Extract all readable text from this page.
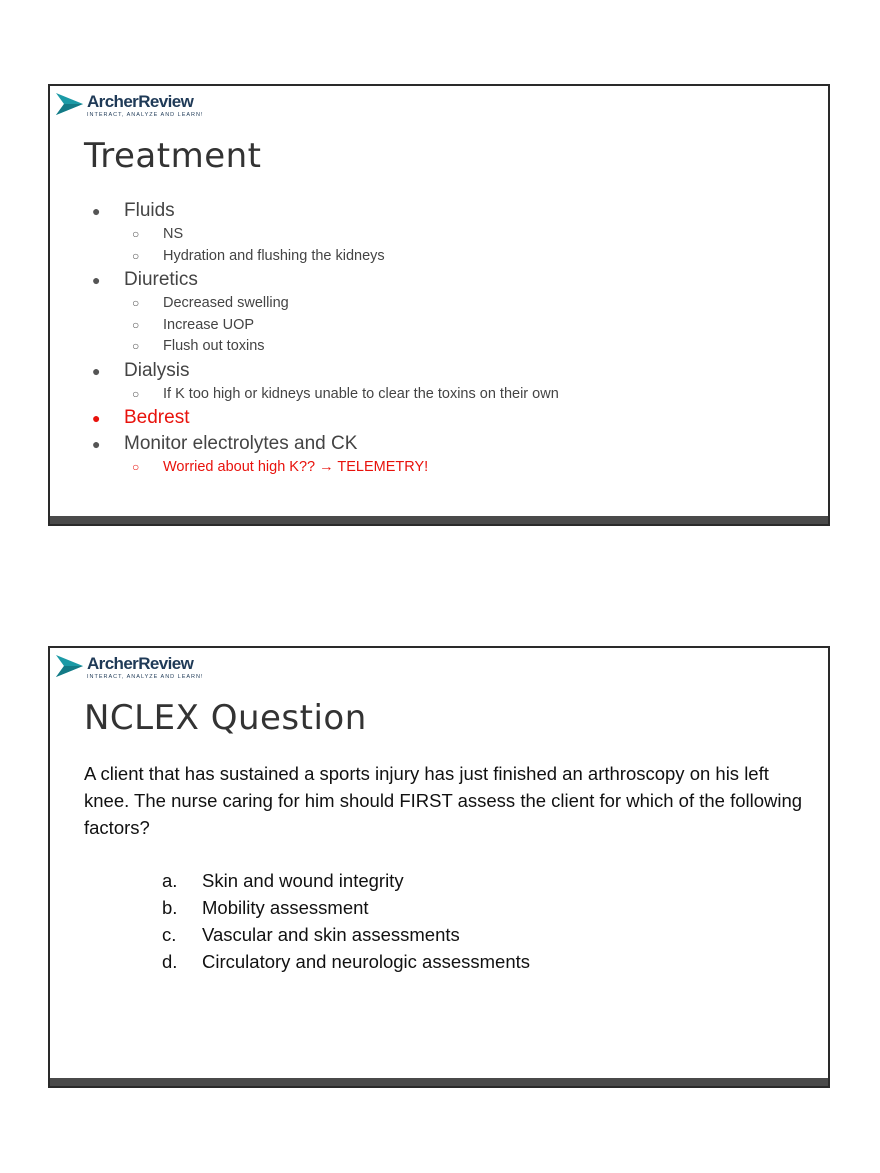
ArcherReview
INTERACT, ANALYZE AND LEARN!
Treatment
● Fluids
○ NS
○ Hydration and flushing the kidneys
● Diuretics
○ Decreased swelling
○ Increase UOP
○ Flush out toxins
● Dialysis
○ If K too high or kidneys unable to clear the toxins on their own
● Bedrest
● Monitor electrolytes and CK
○ Worried about high K?? → TELEMETRY!
ArcherReview
INTERACT, ANALYZE AND LEARN!
NCLEX Question

A client that has sustained a sports injury has just finished an arthroscopy on his left knee. The nurse caring for him should FIRST assess the client for which of the following factors?

a. Skin and wound integrity
b. Mobility assessment
c. Vascular and skin assessments
d. Circulatory and neurologic assessments
